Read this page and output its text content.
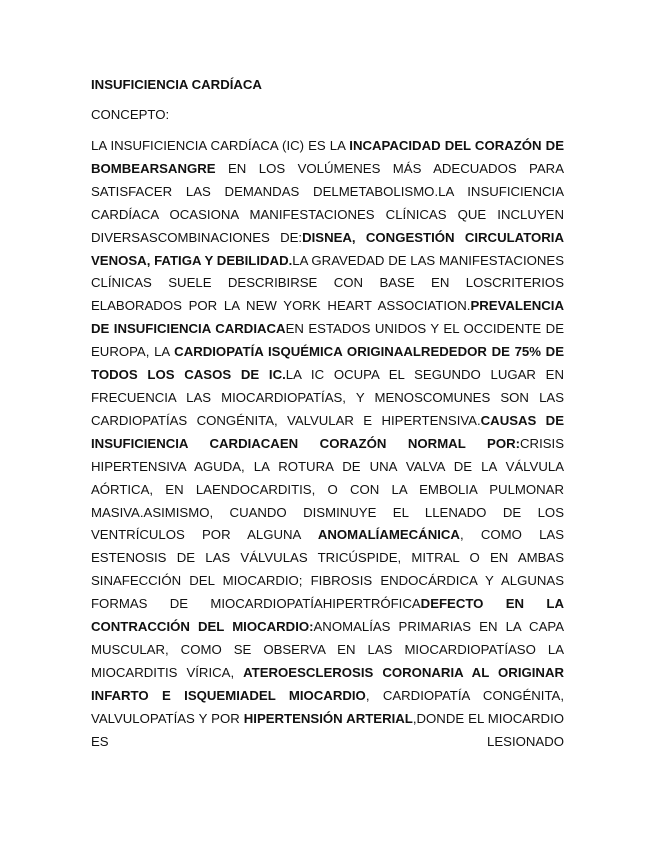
INSUFICIENCIA CARDÍACA

CONCEPTO:

LA INSUFICIENCIA CARDÍACA (IC) ES LA INCAPACIDAD DEL CORAZÓN DE BOMBEARSANGRE EN LOS VOLÚMENES MÁS ADECUADOS PARA SATISFACER LAS DEMANDAS DELMETABOLISMO.LA INSUFICIENCIA CARDÍACA OCASIONA MANIFESTACIONES CLÍNICAS QUE INCLUYEN DIVERSASCOMBINACIONES DE:DISNEA, CONGESTIÓN CIRCULATORIA VENOSA, FATIGA Y DEBILIDAD.LA GRAVEDAD DE LAS MANIFESTACIONES CLÍNICAS SUELE DESCRIBIRSE CON BASE EN LOSCRITERIOS ELABORADOS POR LA NEW YORK HEART ASSOCIATION.PREVALENCIA DE INSUFICIENCIA CARDIACAEN ESTADOS UNIDOS Y EL OCCIDENTE DE EUROPA, LA CARDIOPATÍA ISQUÉMICA ORIGINAALREDEDOR DE 75% DE TODOS LOS CASOS DE IC.LA IC OCUPA EL SEGUNDO LUGAR EN FRECUENCIA LAS MIOCARDIOPATÍAS, Y MENOSCOMUNES SON LAS CARDIOPATÍAS CONGÉNITA, VALVULAR E HIPERTENSIVA.CAUSAS DE INSUFICIENCIA CARDIACAEN CORAZÓN NORMAL POR:CRISIS HIPERTENSIVA AGUDA, LA ROTURA DE UNA VALVA DE LA VÁLVULA AÓRTICA, EN LAENDOCARDITIS, O CON LA EMBOLIA PULMONAR MASIVA.ASIMISMO, CUANDO DISMINUYE EL LLENADO DE LOS VENTRÍCULOS POR ALGUNA ANOMALÍAMECÁNICA, COMO LAS ESTENOSIS DE LAS VÁLVULAS TRICÚSPIDE, MITRAL O EN AMBAS SINAFECCIÓN DEL MIOCARDIO; FIBROSIS ENDOCÁRDICA Y ALGUNAS FORMAS DE MIOCARDIOPATÍAHIPERTRÓFICADEFECTO EN LA CONTRACCIÓN DEL MIOCARDIO:ANOMALÍAS PRIMARIAS EN LA CAPA MUSCULAR, COMO SE OBSERVA EN LAS MIOCARDIOPATÍASO LA MIOCARDITIS VÍRICA, ATEROESCLEROSIS CORONARIA AL ORIGINAR INFARTO E ISQUEMIADEL MIOCARDIO, CARDIOPATÍA CONGÉNITA, VALVULOPATÍAS Y POR HIPERTENSIÓN ARTERIAL,DONDE EL MIOCARDIO ES LESIONADO
